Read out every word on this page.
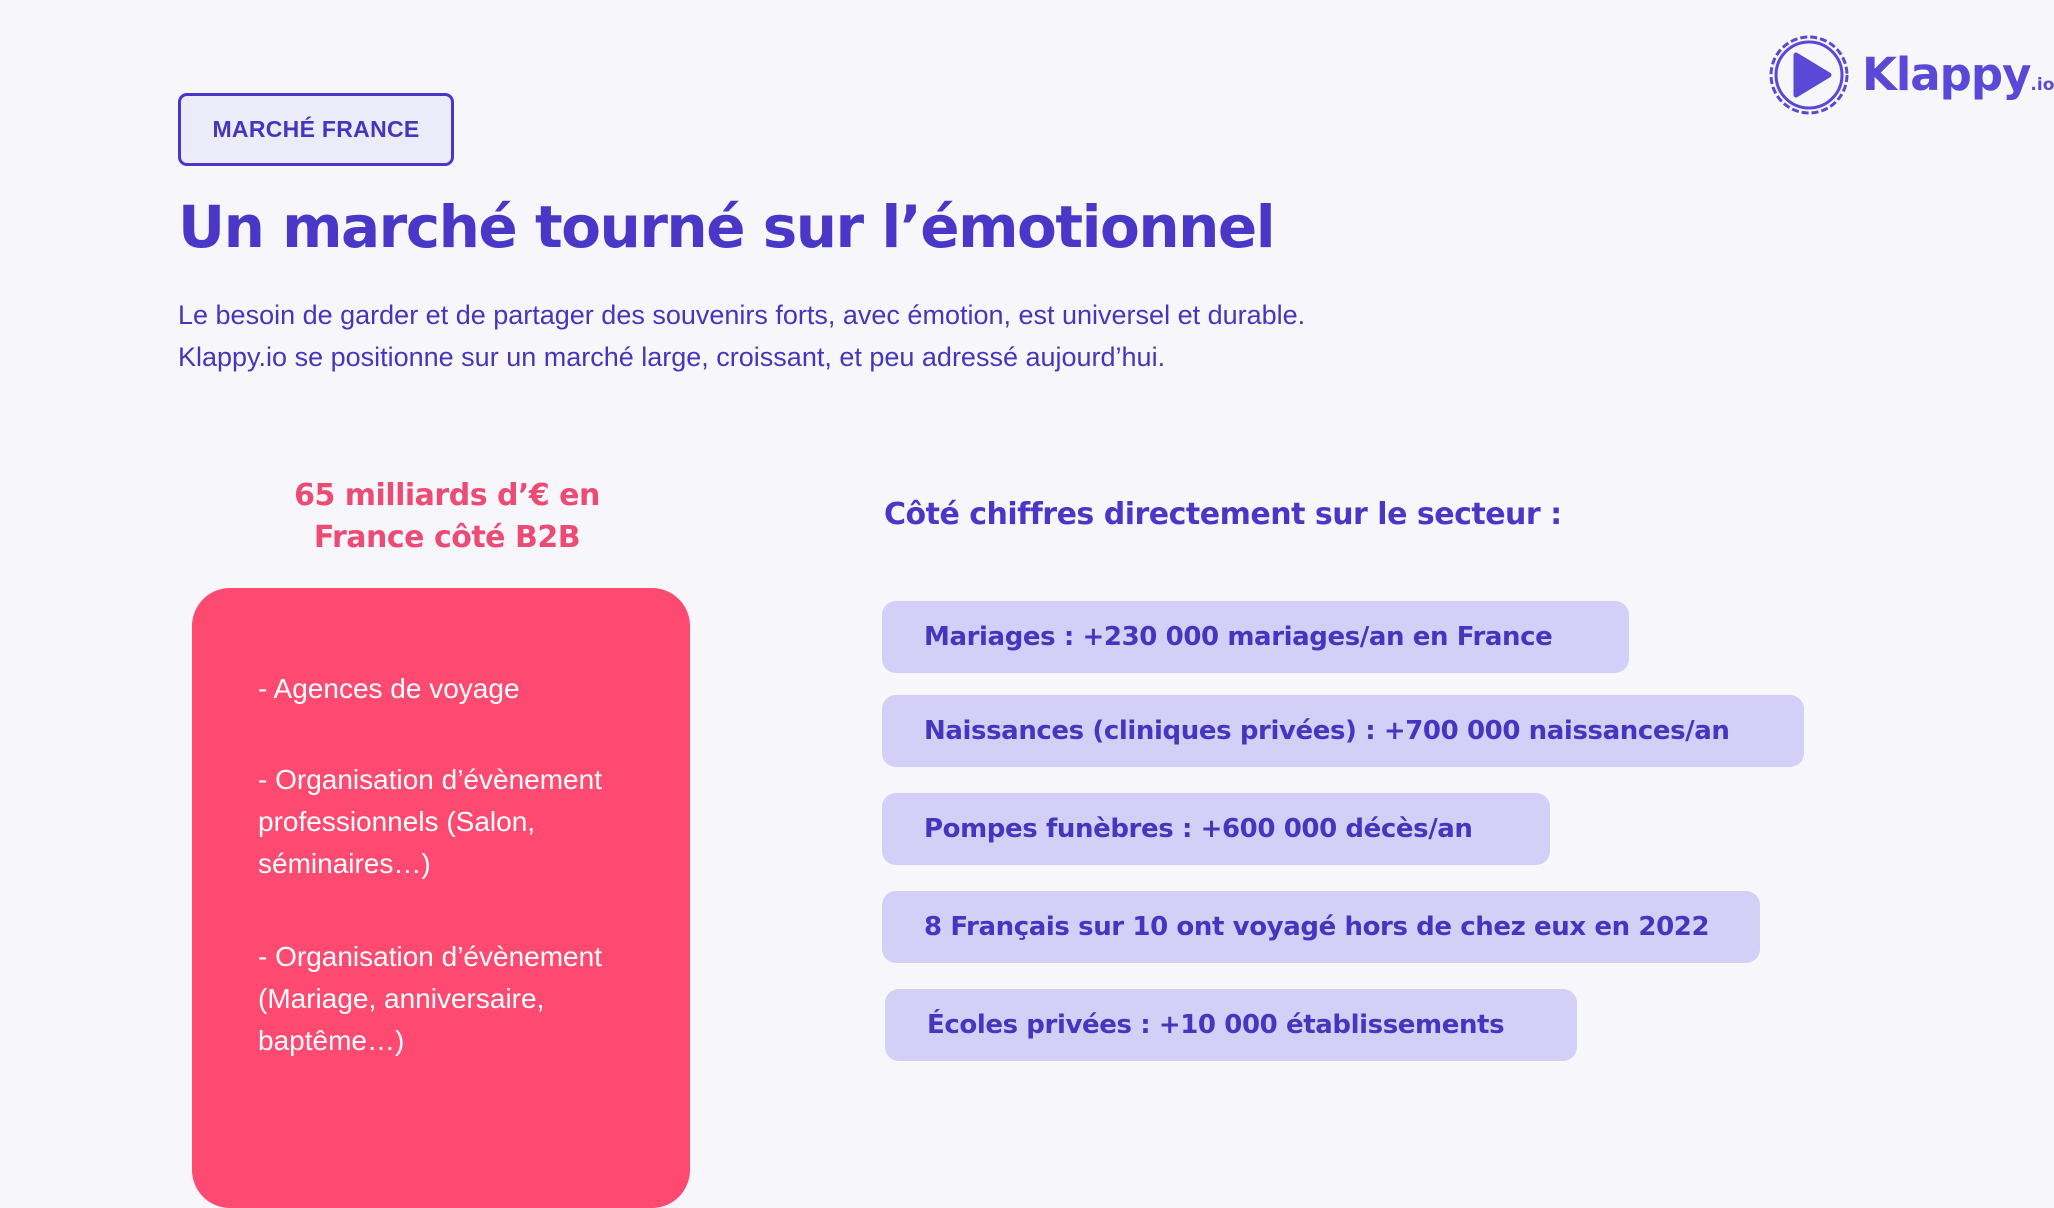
MARCHÉ FRANCE
Klappy.io
Un marché tourné sur l’émotionnel
Le besoin de garder et de partager des souvenirs forts, avec émotion, est universel et durable.
Klappy.io se positionne sur un marché large, croissant, et peu adressé aujourd’hui.
65 milliards d’€ en
France côté B2B
- Agences de voyage
- Organisation d’évènement
professionnels (Salon,
séminaires…)
- Organisation d’évènement
(Mariage, anniversaire,
baptême…)
Côté chiffres directement sur le secteur :
Mariages : +230 000 mariages/an en France
Naissances (cliniques privées) : +700 000 naissances/an
Pompes funèbres : +600 000 décès/an
8 Français sur 10 ont voyagé hors de chez eux en 2022
Écoles privées : +10 000 établissements
